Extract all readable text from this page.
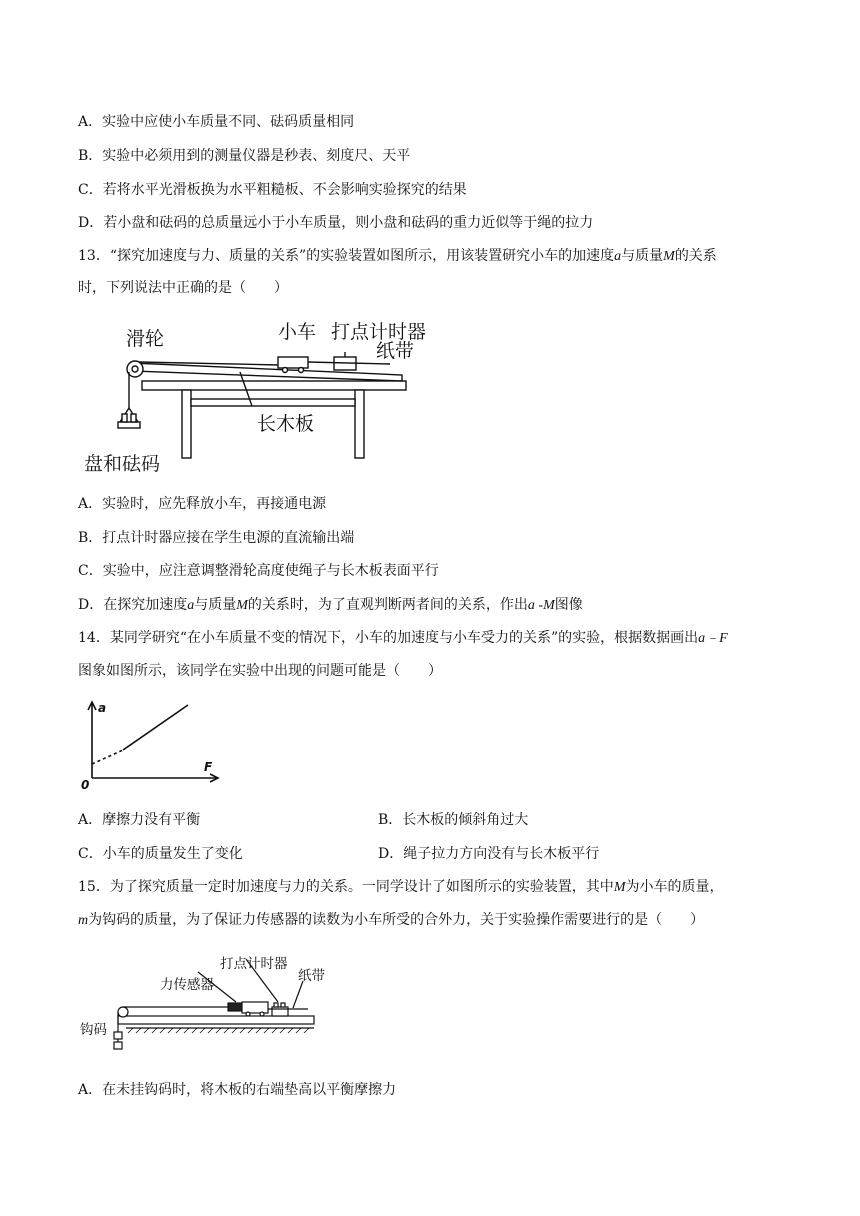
A．实验中应使小车质量不同、砝码质量相同
B．实验中必须用到的测量仪器是秒表、刻度尺、天平
C．若将水平光滑板换为水平粗糙板、不会影响实验探究的结果
D．若小盘和砝码的总质量远小于小车质量，则小盘和砝码的重力近似等于绳的拉力
13．“探究加速度与力、质量的关系”的实验装置如图所示，用该装置研究小车的加速度a与质量M的关系
时，下列说法中正确的是（　　）
滑轮	小车 打点计时器
纸带
长木板
盘和砝码
A．实验时，应先释放小车，再接通电源
B．打点计时器应接在学生电源的直流输出端
C．实验中，应注意调整滑轮高度使绳子与长木板表面平行
D．在探究加速度a与质量M的关系时，为了直观判断两者间的关系，作出a -M图像
14．某同学研究“在小车质量不变的情况下，小车的加速度与小车受力的关系”的实验，根据数据画出a﹣F
图象如图所示，该同学在实验中出现的问题可能是（　　）
a
F
0
A．摩擦力没有平衡	B．长木板的倾斜角过大
C．小车的质量发生了变化	D．绳子拉力方向没有与长木板平行
15．为了探究质量一定时加速度与力的关系。一同学设计了如图所示的实验装置，其中M为小车的质量，
m为钩码的质量，为了保证力传感器的读数为小车所受的合外力，关于实验操作需要进行的是（　　）
打点计时器
力传感器
纸带
钩码
A．在未挂钩码时，将木板的右端垫高以平衡摩擦力
